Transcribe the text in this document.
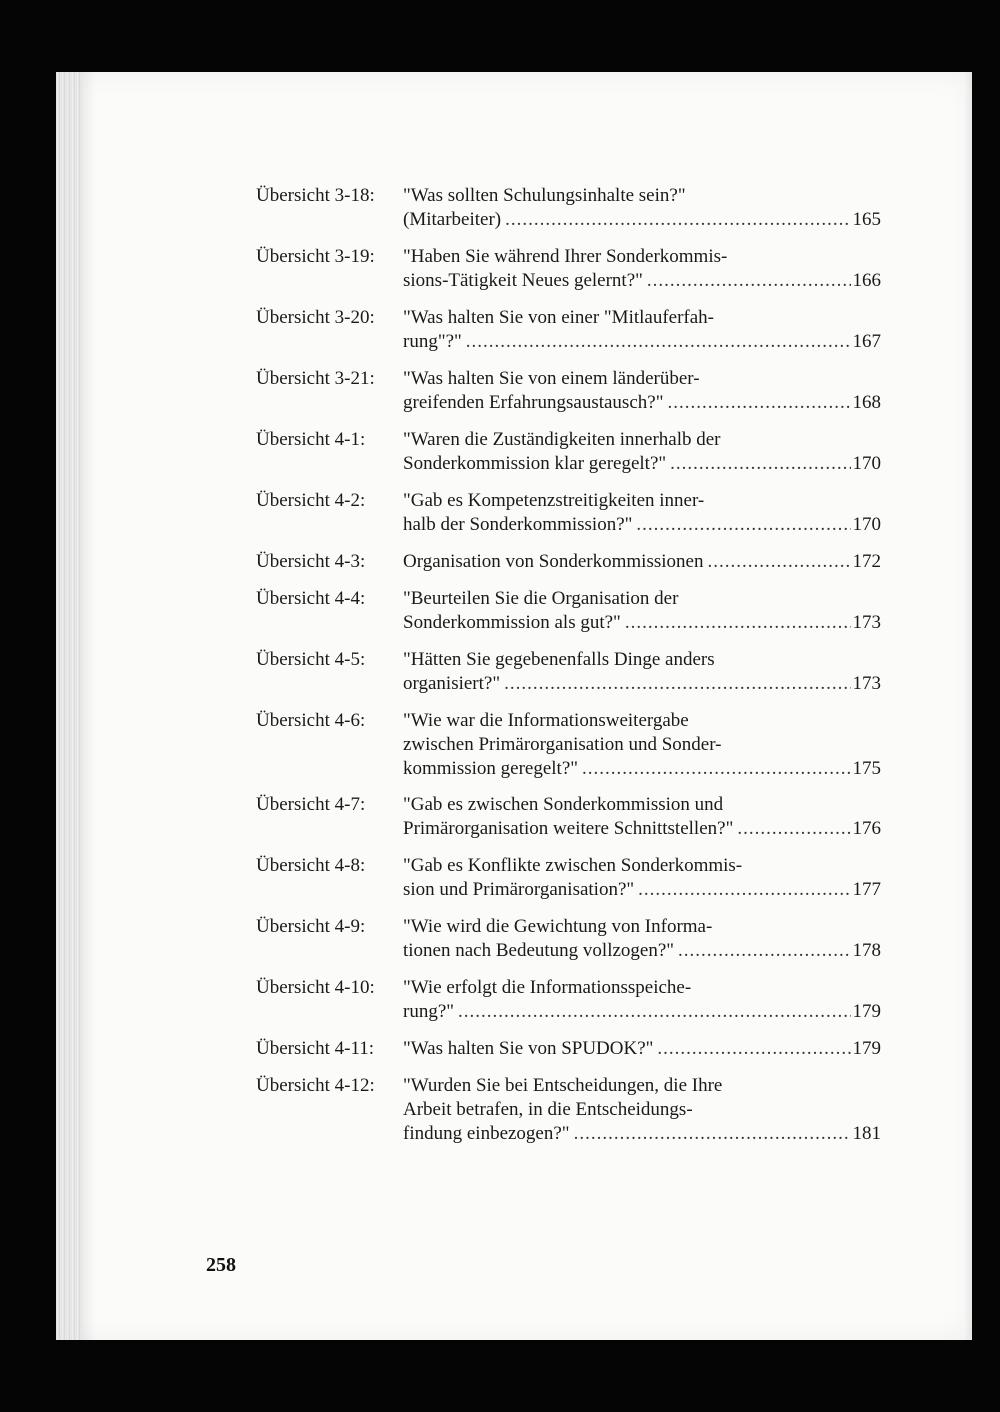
Übersicht 3-18: "Was sollten Schulungsinhalte sein?"
(Mitarbeiter) .....	165
Übersicht 3-19: "Haben Sie während Ihrer Sonderkommis-
sions-Tätigkeit Neues gelernt?" .....	166
Übersicht 3-20: "Was halten Sie von einer "Mitlauferfah-
rung"?" .....	167
Übersicht 3-21: "Was halten Sie von einem länderüber-
greifenden Erfahrungsaustausch?" .....	168
Übersicht 4-1: "Waren die Zuständigkeiten innerhalb der
Sonderkommission klar geregelt?" .....	170
Übersicht 4-2: "Gab es Kompetenzstreitigkeiten inner-
halb der Sonderkommission?" .....	170
Übersicht 4-3: Organisation von Sonderkommissionen .....	172
Übersicht 4-4: "Beurteilen Sie die Organisation der
Sonderkommission als gut?" .....	173
Übersicht 4-5: "Hätten Sie gegebenenfalls Dinge anders
organisiert?" .....	173
Übersicht 4-6: "Wie war die Informationsweitergabe
zwischen Primärorganisation und Sonder-
kommission geregelt?" .....	175
Übersicht 4-7: "Gab es zwischen Sonderkommission und
Primärorganisation weitere Schnittstellen?" .....	176
Übersicht 4-8: "Gab es Konflikte zwischen Sonderkommis-
sion und Primärorganisation?" .....	177
Übersicht 4-9: "Wie wird die Gewichtung von Informa-
tionen nach Bedeutung vollzogen?" .....	178
Übersicht 4-10: "Wie erfolgt die Informationsspeiche-
rung?" .....	179
Übersicht 4-11: "Was halten Sie von SPUDOK?" .....	179
Übersicht 4-12: "Wurden Sie bei Entscheidungen, die Ihre
Arbeit betrafen, in die Entscheidungs-
findung einbezogen?" .....	181
258
